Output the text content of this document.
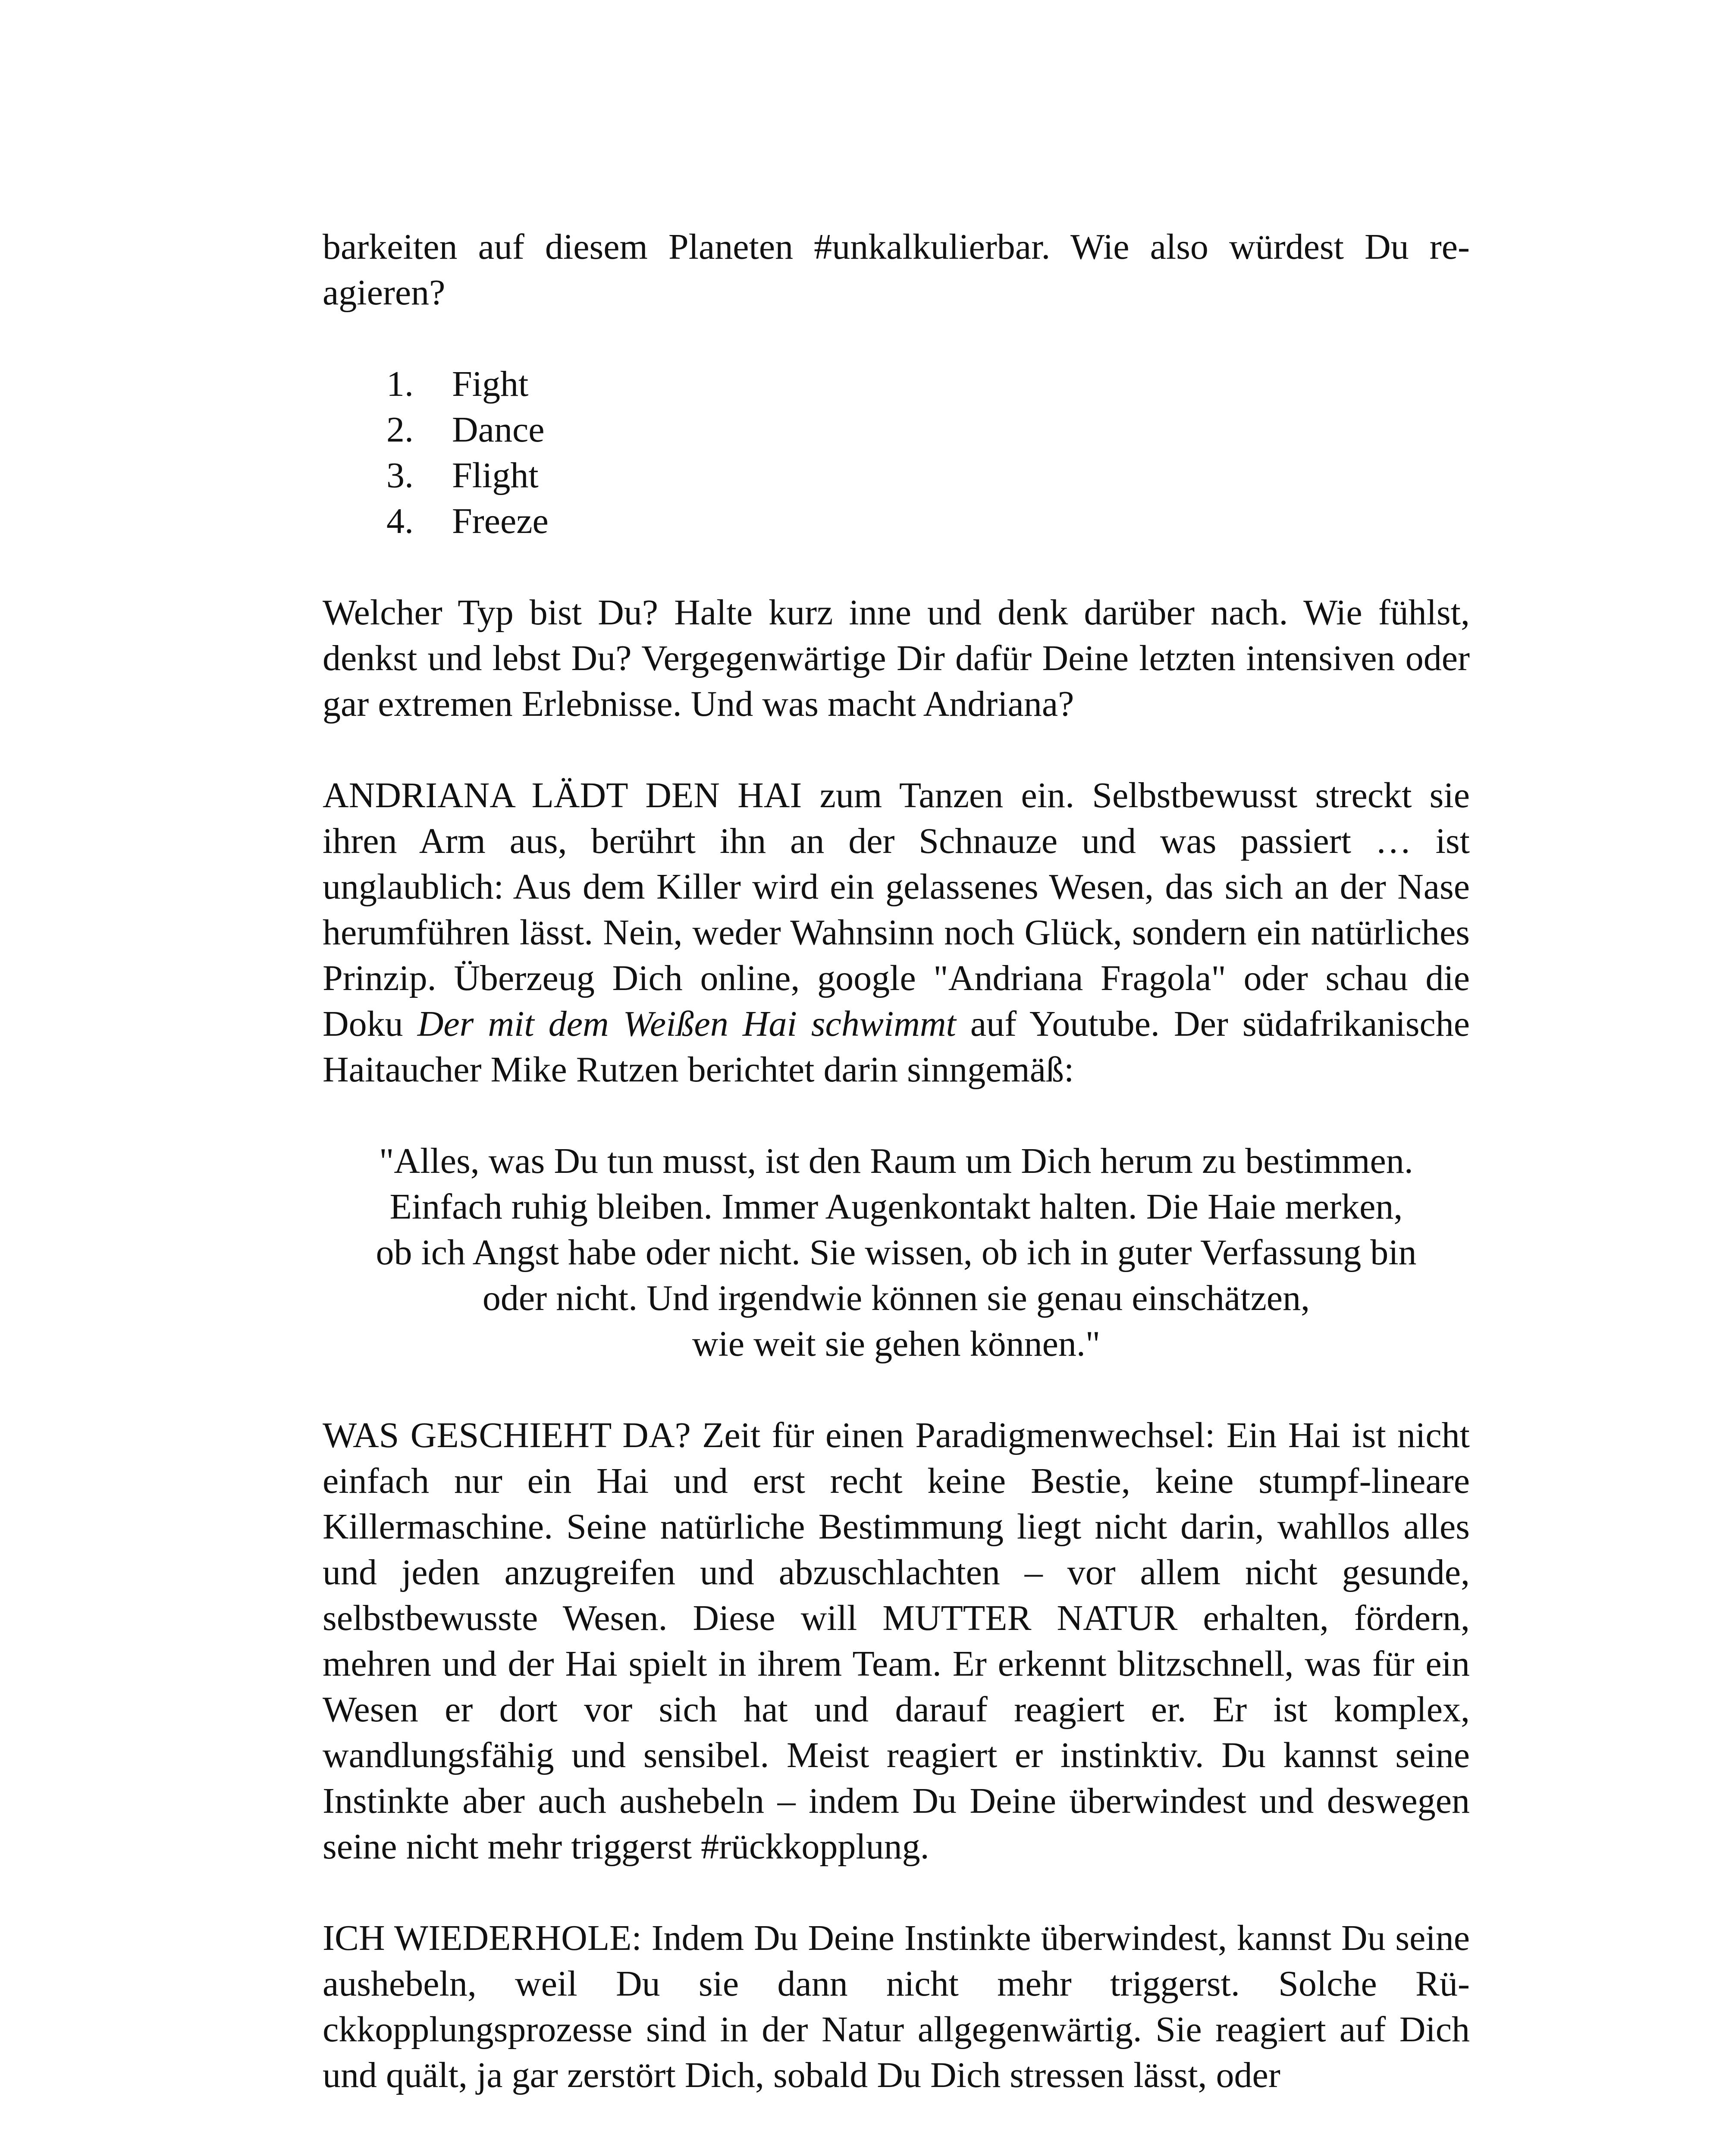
barkeiten auf diesem Planeten #unkalkulierbar. Wie also würdest Du reagieren?

1.	Fight
2.	Dance
3.	Flight
4.	Freeze

Welcher Typ bist Du? Halte kurz inne und denk darüber nach. Wie fühlst, denkst und lebst Du? Vergegenwärtige Dir dafür Deine letzten intensiven oder gar extremen Erlebnisse. Und was macht Andriana?

ANDRIANA LÄDT DEN HAI zum Tanzen ein. Selbstbewusst streckt sie ihren Arm aus, berührt ihn an der Schnauze und was passiert … ist unglaublich: Aus dem Killer wird ein gelassenes Wesen, das sich an der Nase herumführen lässt. Nein, weder Wahnsinn noch Glück, sondern ein natürliches Prinzip. Überzeug Dich online, google "Andriana Fragola" oder schau die Doku Der mit dem Weißen Hai schwimmt auf Youtube. Der südafrikanische Haitaucher Mike Rutzen berichtet darin sinngemäß:

"Alles, was Du tun musst, ist den Raum um Dich herum zu bestimmen.
Einfach ruhig bleiben. Immer Augenkontakt halten. Die Haie merken,
ob ich Angst habe oder nicht. Sie wissen, ob ich in guter Verfassung bin
oder nicht. Und irgendwie können sie genau einschätzen,
wie weit sie gehen können."

WAS GESCHIEHT DA? Zeit für einen Paradigmenwechsel: Ein Hai ist nicht einfach nur ein Hai und erst recht keine Bestie, keine stumpf-lineare Killermaschine. Seine natürliche Bestimmung liegt nicht darin, wahllos alles und jeden anzugreifen und abzuschlachten – vor allem nicht gesunde, selbstbewusste Wesen. Diese will MUTTER NATUR erhalten, fördern, mehren und der Hai spielt in ihrem Team. Er erkennt blitzschnell, was für ein Wesen er dort vor sich hat und darauf reagiert er. Er ist komplex, wandlungsfähig und sensibel. Meist reagiert er instinktiv. Du kannst seine Instinkte aber auch aushebeln – indem Du Deine überwindest und deswegen seine nicht mehr triggerst #rückkopplung.

ICH WIEDERHOLE: Indem Du Deine Instinkte überwindest, kannst Du seine aushebeln, weil Du sie dann nicht mehr triggerst. Solche Rückkopplungsprozesse sind in der Natur allgegenwärtig. Sie reagiert auf Dich und quält, ja gar zerstört Dich, sobald Du Dich stressen lässt, oder
